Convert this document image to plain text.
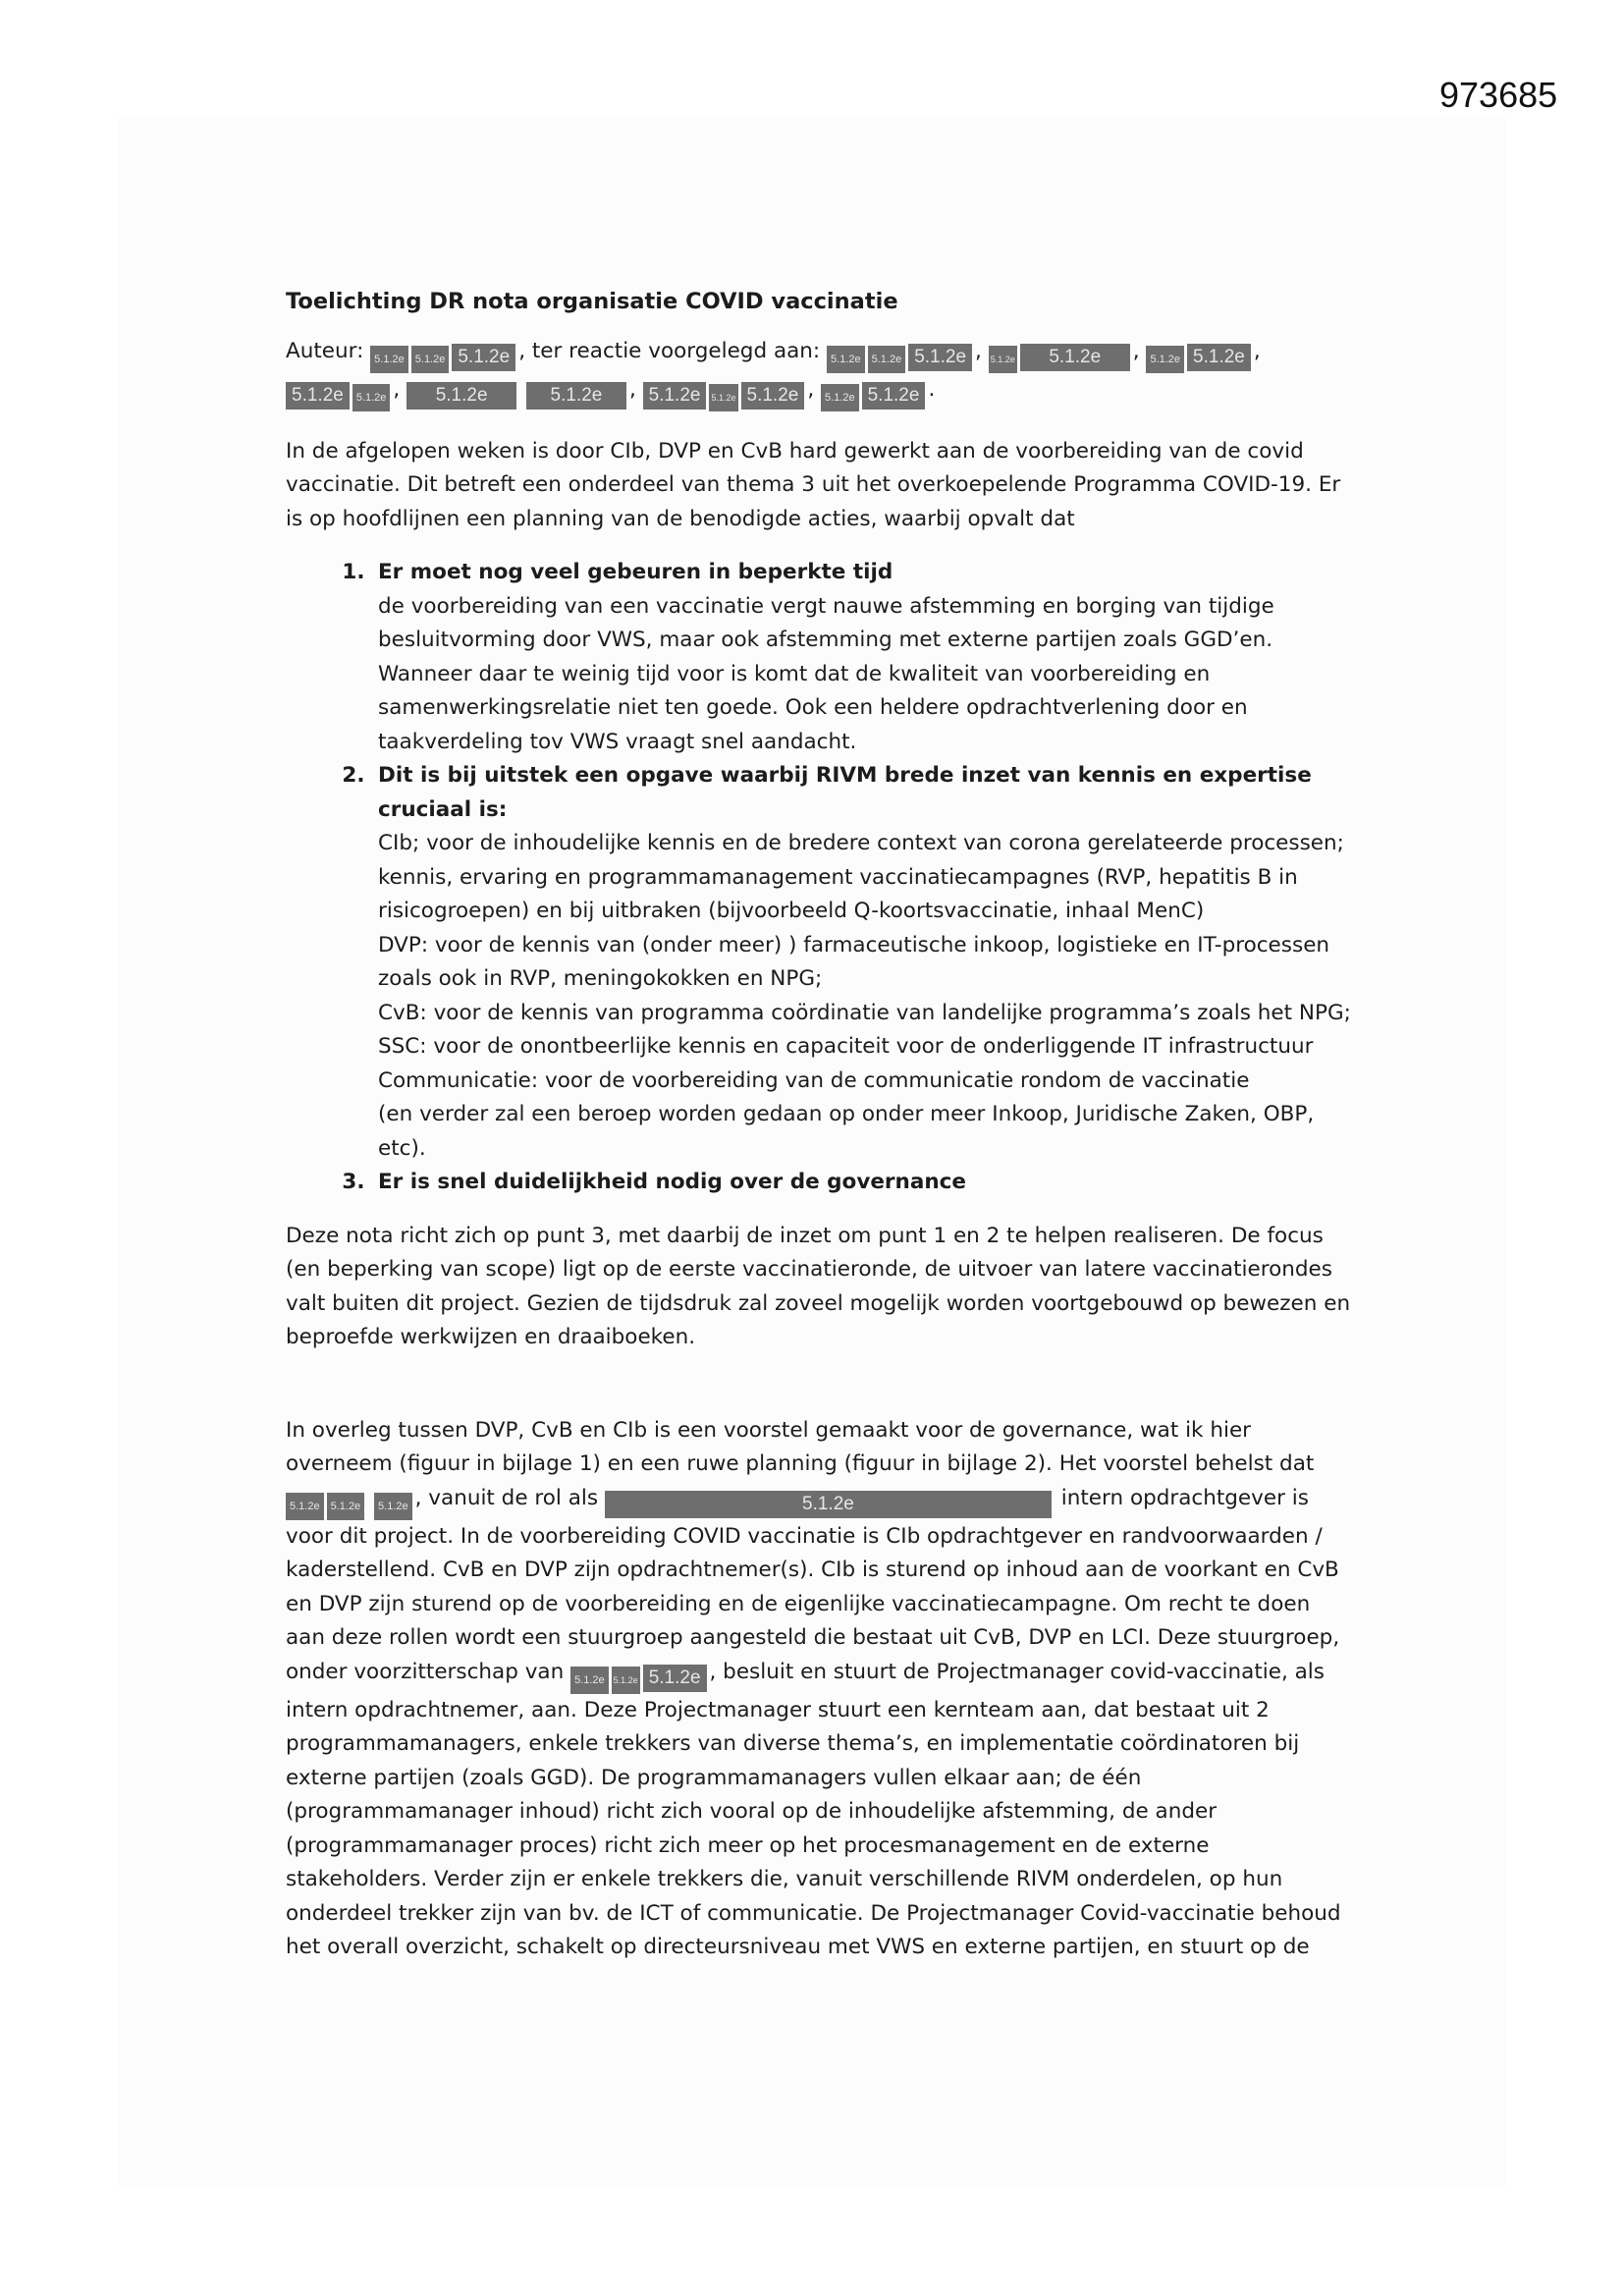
973685
Toelichting DR nota organisatie COVID vaccinatie
Auteur: 5.1.2e 5.1.2e 5.1.2e , ter reactie voorgelegd aan: 5.1.2e 5.1.2e 5.1.2e , 5.1.2e 5.1.2e , 5.1.2e 5.1.2e ,
5.1.2e 5.1.2e , 5.1.2e	5.1.2e , 5.1.2e 5.1.2e 5.1.2e , 5.1.2e 5.1.2e .

In de afgelopen weken is door CIb, DVP en CvB hard gewerkt aan de voorbereiding van de covid vaccinatie. Dit betreft een onderdeel van thema 3 uit het overkoepelende Programma COVID-19. Er is op hoofdlijnen een planning van de benodigde acties, waarbij opvalt dat

1. Er moet nog veel gebeuren in beperkte tijd
de voorbereiding van een vaccinatie vergt nauwe afstemming en borging van tijdige besluitvorming door VWS, maar ook afstemming met externe partijen zoals GGD’en. Wanneer daar te weinig tijd voor is komt dat de kwaliteit van voorbereiding en samenwerkingsrelatie niet ten goede. Ook een heldere opdrachtverlening door en taakverdeling tov VWS vraagt snel aandacht.
2. Dit is bij uitstek een opgave waarbij RIVM brede inzet van kennis en expertise cruciaal is:
CIb; voor de inhoudelijke kennis en de bredere context van corona gerelateerde processen; kennis, ervaring en programmamanagement vaccinatiecampagnes (RVP, hepatitis B in risicogroepen) en bij uitbraken (bijvoorbeeld Q-koortsvaccinatie, inhaal MenC)
DVP: voor de kennis van (onder meer) ) farmaceutische inkoop, logistieke en IT-processen zoals ook in RVP, meningokokken en NPG;
CvB: voor de kennis van programma coördinatie van landelijke programma’s zoals het NPG;
SSC: voor de onontbeerlijke kennis en capaciteit voor de onderliggende IT infrastructuur
Communicatie: voor de voorbereiding van de communicatie rondom de vaccinatie
(en verder zal een beroep worden gedaan op onder meer Inkoop, Juridische Zaken, OBP, etc).
3. Er is snel duidelijkheid nodig over de governance

Deze nota richt zich op punt 3, met daarbij de inzet om punt 1 en 2 te helpen realiseren. De focus (en beperking van scope) ligt op de eerste vaccinatieronde, de uitvoer van latere vaccinatierondes valt buiten dit project. Gezien de tijdsdruk zal zoveel mogelijk worden voortgebouwd op bewezen en beproefde werkwijzen en draaiboeken.

In overleg tussen DVP, CvB en CIb is een voorstel gemaakt voor de governance, wat ik hier overneem (figuur in bijlage 1) en een ruwe planning (figuur in bijlage 2). Het voorstel behelst dat 5.1.2e 5.1.2e 5.1.2e , vanuit de rol als	5.1.2e	intern opdrachtgever is voor dit project. In de voorbereiding COVID vaccinatie is CIb opdrachtgever en randvoorwaarden / kaderstellend. CvB en DVP zijn opdrachtnemer(s). CIb is sturend op inhoud aan de voorkant en CvB en DVP zijn sturend op de voorbereiding en de eigenlijke vaccinatiecampagne. Om recht te doen aan deze rollen wordt een stuurgroep aangesteld die bestaat uit CvB, DVP en LCI. Deze stuurgroep, onder voorzitterschap van 5.1.2e 5.1.2e 5.1.2e , besluit en stuurt de Projectmanager covid-vaccinatie, als intern opdrachtnemer, aan. Deze Projectmanager stuurt een kernteam aan, dat bestaat uit 2 programmamanagers, enkele trekkers van diverse thema’s, en implementatie coördinatoren bij externe partijen (zoals GGD). De programmamanagers vullen elkaar aan; de één (programmamanager inhoud) richt zich vooral op de inhoudelijke afstemming, de ander (programmamanager proces) richt zich meer op het procesmanagement en de externe stakeholders. Verder zijn er enkele trekkers die, vanuit verschillende RIVM onderdelen, op hun onderdeel trekker zijn van bv. de ICT of communicatie. De Projectmanager Covid-vaccinatie behoud het overall overzicht, schakelt op directeursniveau met VWS en externe partijen, en stuurt op de
